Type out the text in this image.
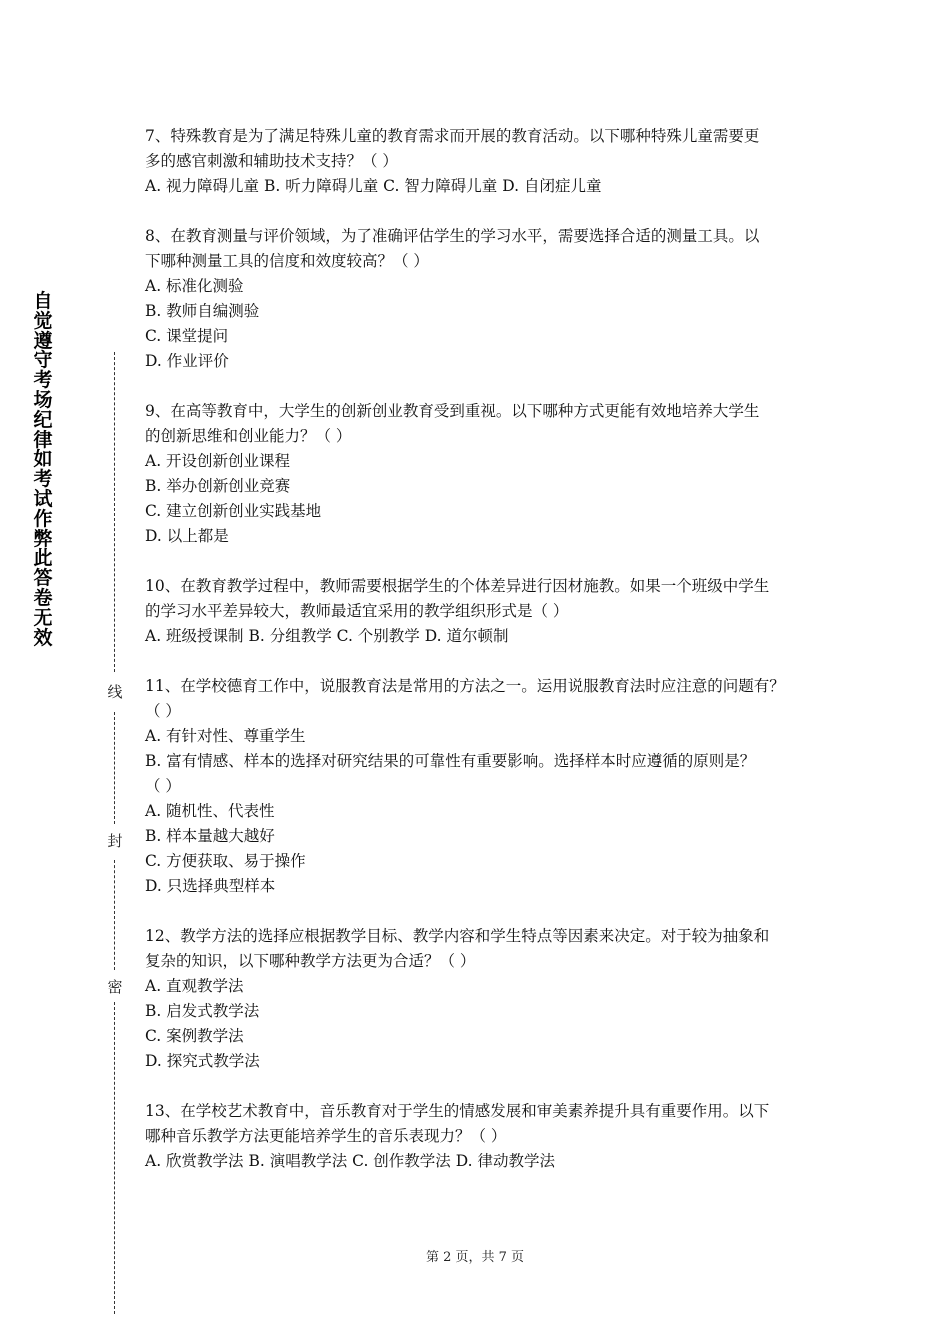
自
觉
遵
守
考
场
纪
律
如
考
试
作
弊
此
答
卷
无
效
线
封
密

7、特殊教育是为了满足特殊儿童的教育需求而开展的教育活动。以下哪种特殊儿童需要更

多的感官刺激和辅助技术支持？（ ）

A. 视力障碍儿童 B. 听力障碍儿童 C. 智力障碍儿童 D. 自闭症儿童

8、在教育测量与评价领域，为了准确评估学生的学习水平，需要选择合适的测量工具。以

下哪种测量工具的信度和效度较高？（ ）

A. 标准化测验

B. 教师自编测验

C. 课堂提问

D. 作业评价

9、在高等教育中，大学生的创新创业教育受到重视。以下哪种方式更能有效地培养大学生

的创新思维和创业能力？（ ）

A. 开设创新创业课程

B. 举办创新创业竞赛

C. 建立创新创业实践基地

D. 以上都是

10、在教育教学过程中，教师需要根据学生的个体差异进行因材施教。如果一个班级中学生

的学习水平差异较大，教师最适宜采用的教学组织形式是（ ）

A. 班级授课制 B. 分组教学 C. 个别教学 D. 道尔顿制

11、在学校德育工作中，说服教育法是常用的方法之一。运用说服教育法时应注意的问题有？

（ ）

A. 有针对性、尊重学生

B. 富有情感、样本的选择对研究结果的可靠性有重要影响。选择样本时应遵循的原则是？

（ ）

A. 随机性、代表性

B. 样本量越大越好

C. 方便获取、易于操作

D. 只选择典型样本

12、教学方法的选择应根据教学目标、教学内容和学生特点等因素来决定。对于较为抽象和

复杂的知识，以下哪种教学方法更为合适？（ ）

A. 直观教学法

B. 启发式教学法

C. 案例教学法

D. 探究式教学法

13、在学校艺术教育中，音乐教育对于学生的情感发展和审美素养提升具有重要作用。以下

哪种音乐教学方法更能培养学生的音乐表现力？（ ）

A. 欣赏教学法 B. 演唱教学法 C. 创作教学法 D. 律动教学法

第 2 页，共 7 页
